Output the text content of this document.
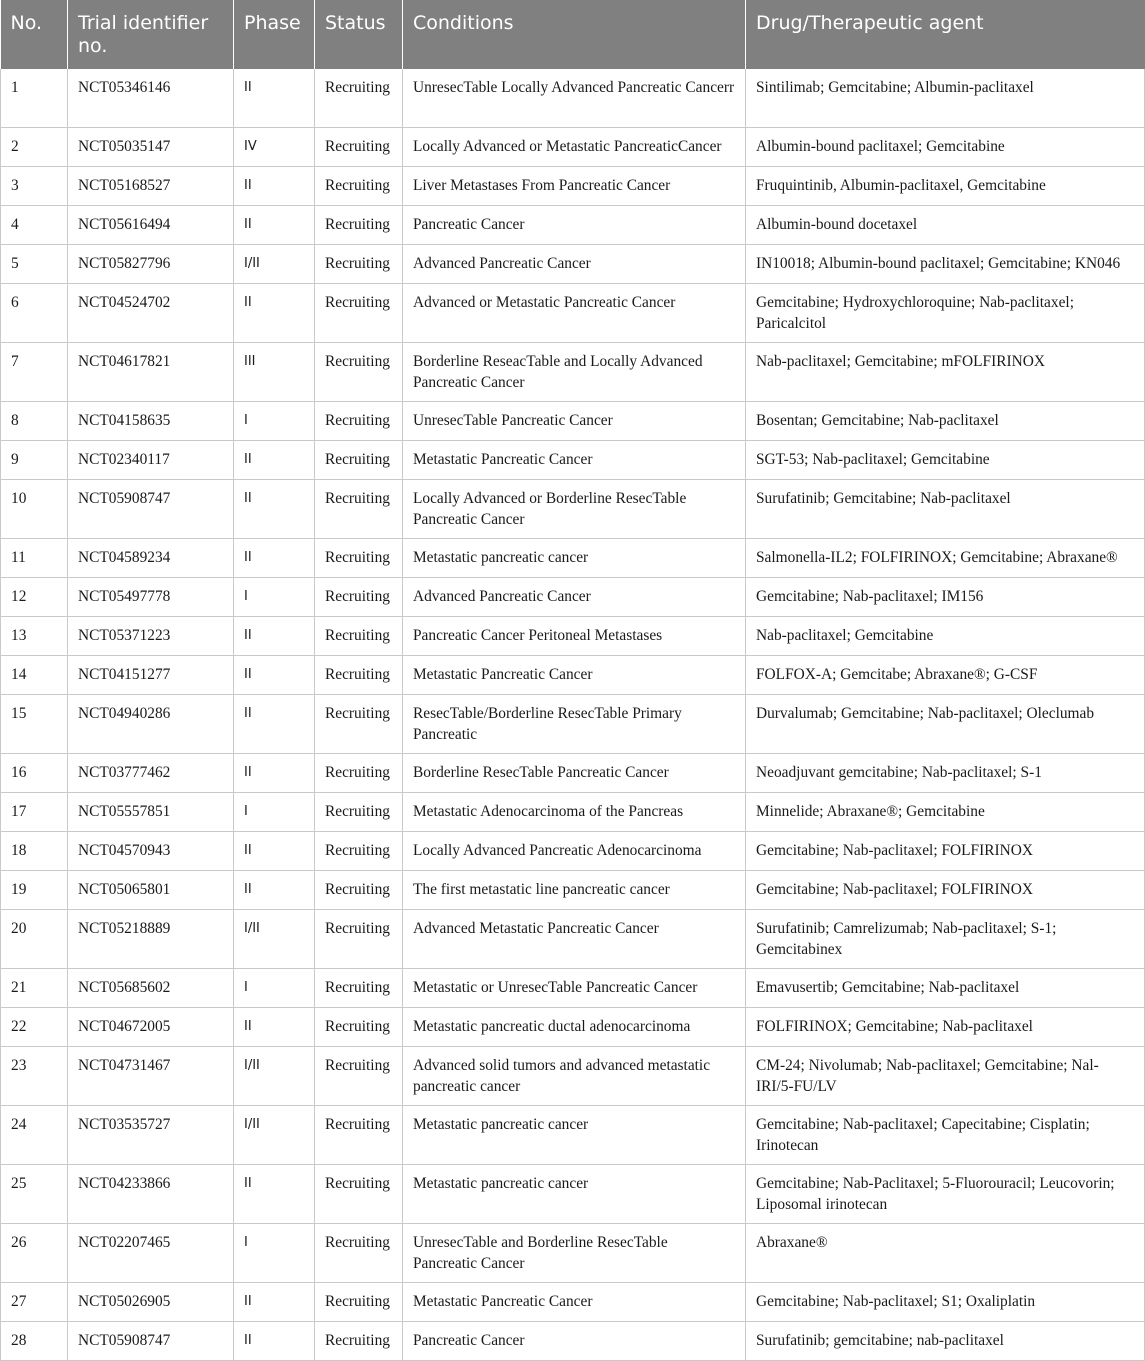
No.	Trial identifier no.	Phase	Status	Conditions	Drug/Therapeutic agent
1	NCT05346146	II	Recruiting	UnresecTable Locally Advanced Pancreatic Cancerr	Sintilimab; Gemcitabine; Albumin-paclitaxel
2	NCT05035147	IV	Recruiting	Locally Advanced or Metastatic PancreaticCancer	Albumin-bound paclitaxel; Gemcitabine
3	NCT05168527	II	Recruiting	Liver Metastases From Pancreatic Cancer	Fruquintinib, Albumin-paclitaxel, Gemcitabine
4	NCT05616494	II	Recruiting	Pancreatic Cancer	Albumin-bound docetaxel
5	NCT05827796	I/II	Recruiting	Advanced Pancreatic Cancer	IN10018; Albumin-bound paclitaxel; Gemcitabine; KN046
6	NCT04524702	II	Recruiting	Advanced or Metastatic Pancreatic Cancer	Gemcitabine; Hydroxychloroquine; Nab-paclitaxel; Paricalcitol
7	NCT04617821	III	Recruiting	Borderline ReseacTable and Locally Advanced Pancreatic Cancer	Nab-paclitaxel; Gemcitabine; mFOLFIRINOX
8	NCT04158635	I	Recruiting	UnresecTable Pancreatic Cancer	Bosentan; Gemcitabine; Nab-paclitaxel
9	NCT02340117	II	Recruiting	Metastatic Pancreatic Cancer	SGT-53; Nab-paclitaxel; Gemcitabine
10	NCT05908747	II	Recruiting	Locally Advanced or Borderline ResecTable Pancreatic Cancer	Surufatinib; Gemcitabine; Nab-paclitaxel
11	NCT04589234	II	Recruiting	Metastatic pancreatic cancer	Salmonella-IL2; FOLFIRINOX; Gemcitabine; Abraxane®
12	NCT05497778	I	Recruiting	Advanced Pancreatic Cancer	Gemcitabine; Nab-paclitaxel; IM156
13	NCT05371223	II	Recruiting	Pancreatic Cancer Peritoneal Metastases	Nab-paclitaxel; Gemcitabine
14	NCT04151277	II	Recruiting	Metastatic Pancreatic Cancer	FOLFOX-A; Gemcitabe; Abraxane®; G-CSF
15	NCT04940286	II	Recruiting	ResecTable/Borderline ResecTable Primary Pancreatic	Durvalumab; Gemcitabine; Nab-paclitaxel; Oleclumab
16	NCT03777462	II	Recruiting	Borderline ResecTable Pancreatic Cancer	Neoadjuvant gemcitabine; Nab-paclitaxel; S-1
17	NCT05557851	I	Recruiting	Metastatic Adenocarcinoma of the Pancreas	Minnelide; Abraxane®; Gemcitabine
18	NCT04570943	II	Recruiting	Locally Advanced Pancreatic Adenocarcinoma	Gemcitabine; Nab-paclitaxel; FOLFIRINOX
19	NCT05065801	II	Recruiting	The first metastatic line pancreatic cancer	Gemcitabine; Nab-paclitaxel; FOLFIRINOX
20	NCT05218889	I/II	Recruiting	Advanced Metastatic Pancreatic Cancer	Surufatinib; Camrelizumab; Nab-paclitaxel; S-1; Gemcitabinex
21	NCT05685602	I	Recruiting	Metastatic or UnresecTable Pancreatic Cancer	Emavusertib; Gemcitabine; Nab-paclitaxel
22	NCT04672005	II	Recruiting	Metastatic pancreatic ductal adenocarcinoma	FOLFIRINOX; Gemcitabine; Nab-paclitaxel
23	NCT04731467	I/II	Recruiting	Advanced solid tumors and advanced metastatic pancreatic cancer	CM-24; Nivolumab; Nab-paclitaxel; Gemcitabine; Nal-IRI/5-FU/LV
24	NCT03535727	I/II	Recruiting	Metastatic pancreatic cancer	Gemcitabine; Nab-paclitaxel; Capecitabine; Cisplatin; Irinotecan
25	NCT04233866	II	Recruiting	Metastatic pancreatic cancer	Gemcitabine; Nab-Paclitaxel; 5-Fluorouracil; Leucovorin; Liposomal irinotecan
26	NCT02207465	I	Recruiting	UnresecTable and Borderline ResecTable Pancreatic Cancer	Abraxane®
27	NCT05026905	II	Recruiting	Metastatic Pancreatic Cancer	Gemcitabine; Nab-paclitaxel; S1; Oxaliplatin
28	NCT05908747	II	Recruiting	Pancreatic Cancer	Surufatinib; gemcitabine; nab-paclitaxel
